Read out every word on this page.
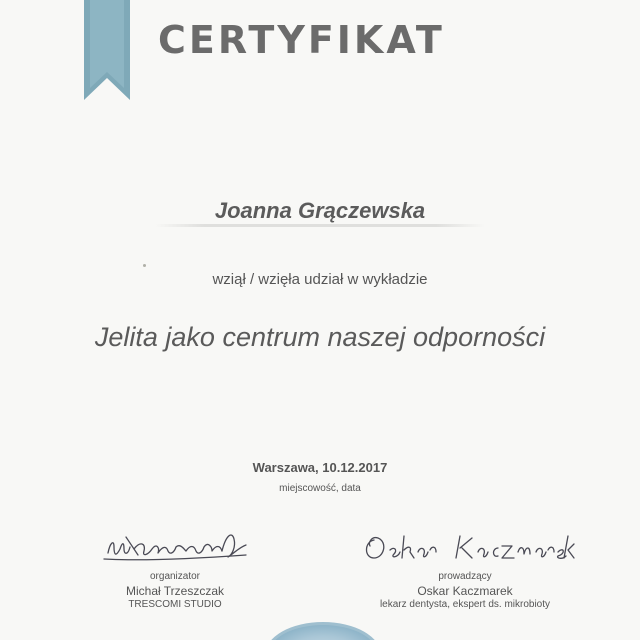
CERTYFIKAT
Joanna Grączewska
wziął / wzięła udział w wykładzie
Jelita jako centrum naszej odporności
Warszawa, 10.12.2017
miejscowość, data
organizator
Michał Trzeszczak
TRESCOMI STUDIO
prowadzący
Oskar Kaczmarek
lekarz dentysta, ekspert ds. mikrobioty
